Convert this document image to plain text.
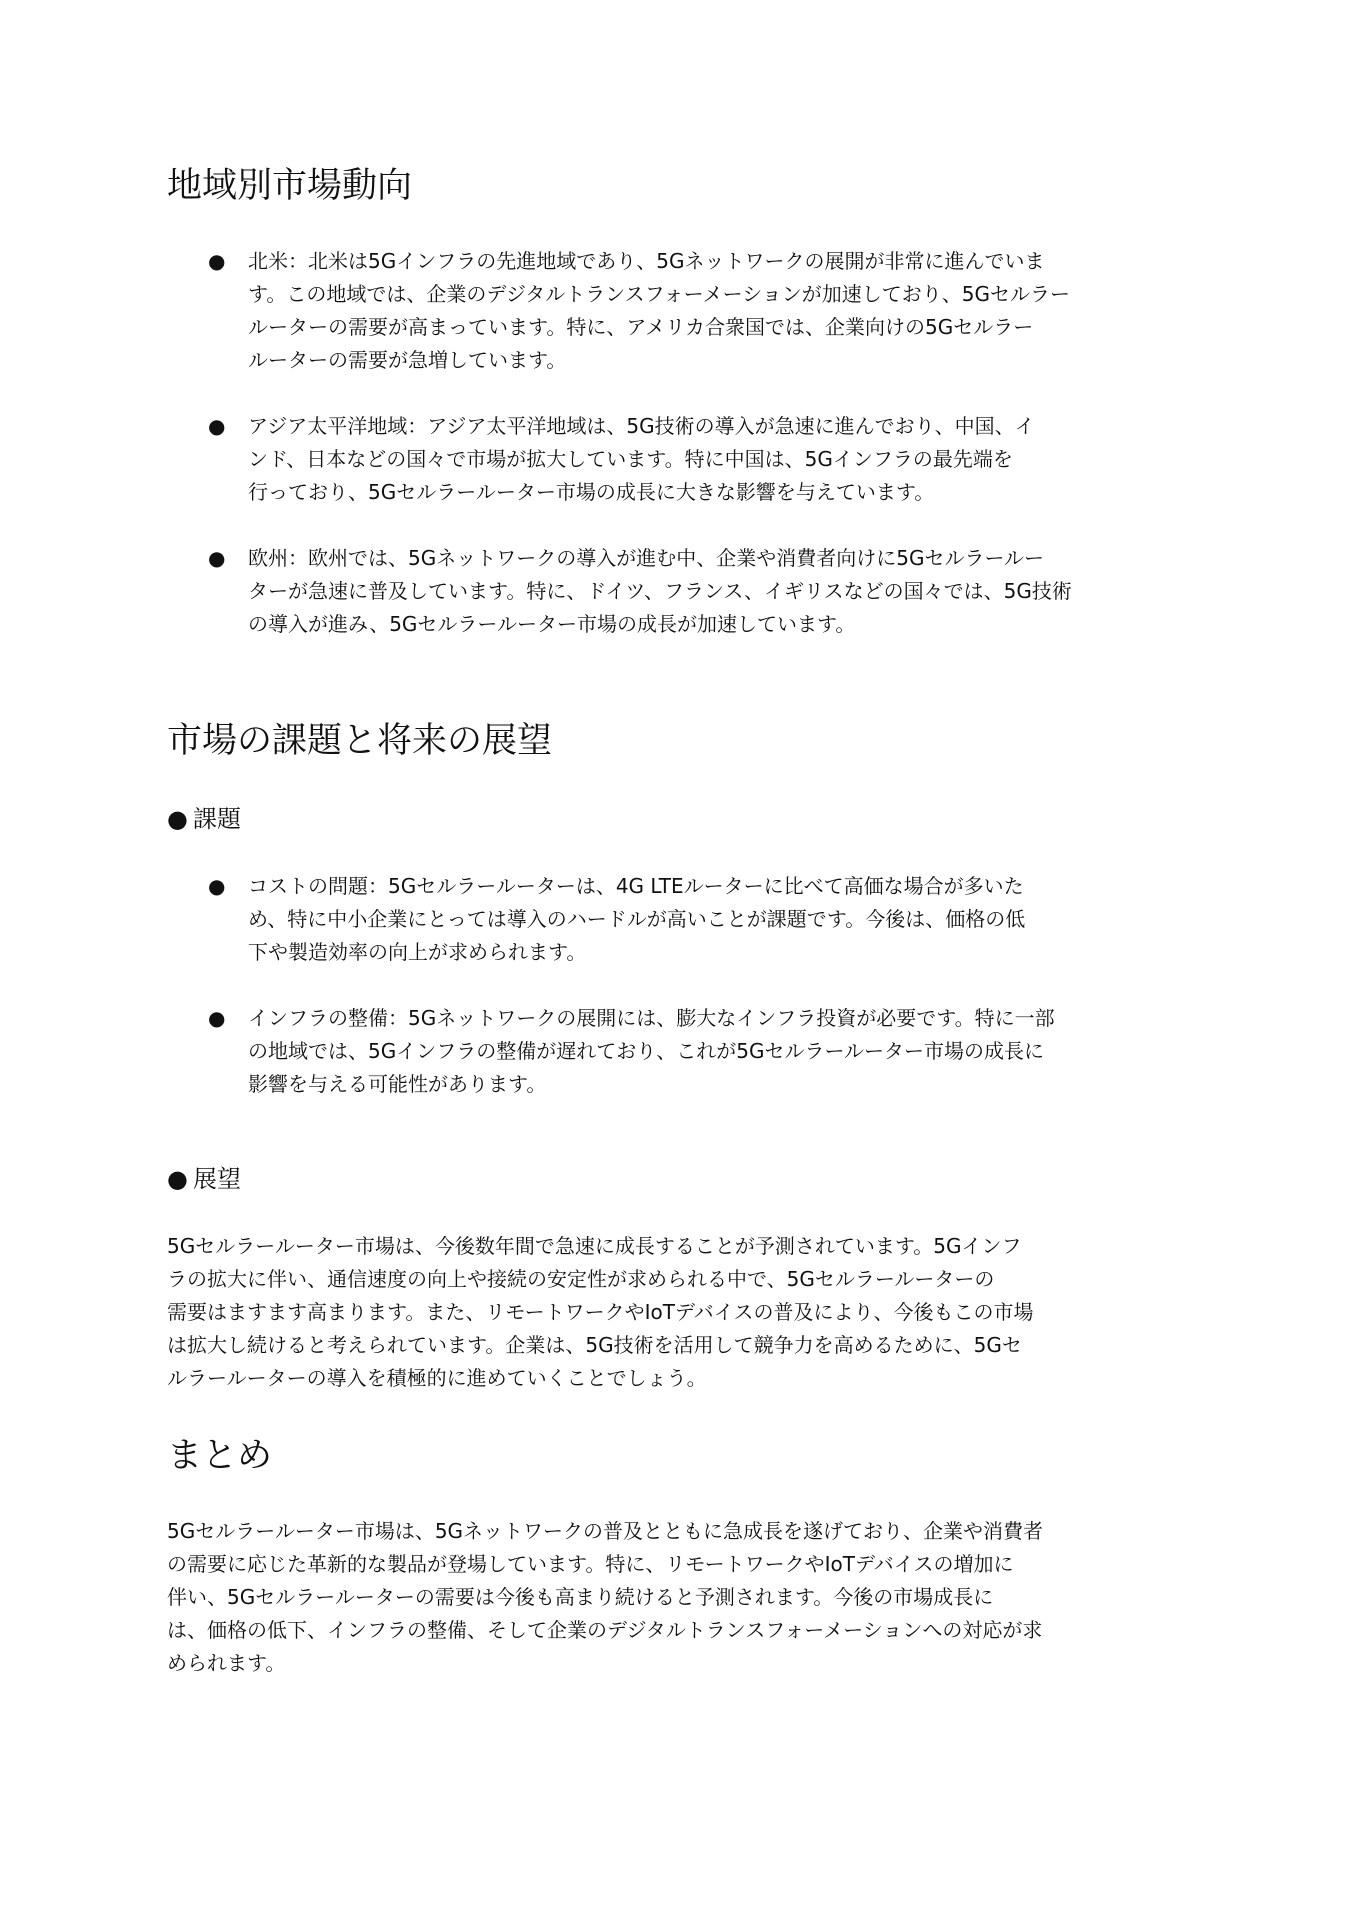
地域別市場動向
● 北米：北米は5Gインフラの先進地域であり、5Gネットワークの展開が非常に進んでいま
す。この地域では、企業のデジタルトランスフォーメーションが加速しており、5Gセルラー
ルーターの需要が高まっています。特に、アメリカ合衆国では、企業向けの5Gセルラー
ルーターの需要が急増しています。
● アジア太平洋地域：アジア太平洋地域は、5G技術の導入が急速に進んでおり、中国、イ
ンド、日本などの国々で市場が拡大しています。特に中国は、5Gインフラの最先端を
行っており、5Gセルラールーター市場の成長に大きな影響を与えています。
● 欧州：欧州では、5Gネットワークの導入が進む中、企業や消費者向けに5Gセルラールー
ターが急速に普及しています。特に、ドイツ、フランス、イギリスなどの国々では、5G技術
の導入が進み、5Gセルラールーター市場の成長が加速しています。
市場の課題と将来の展望
● 課題
● コストの問題：5Gセルラールーターは、4G LTEルーターに比べて高価な場合が多いた
め、特に中小企業にとっては導入のハードルが高いことが課題です。今後は、価格の低
下や製造効率の向上が求められます。
● インフラの整備：5Gネットワークの展開には、膨大なインフラ投資が必要です。特に一部
の地域では、5Gインフラの整備が遅れており、これが5Gセルラールーター市場の成長に
影響を与える可能性があります。
● 展望
5Gセルラールーター市場は、今後数年間で急速に成長することが予測されています。5Gインフ
ラの拡大に伴い、通信速度の向上や接続の安定性が求められる中で、5Gセルラールーターの
需要はますます高まります。また、リモートワークやIoTデバイスの普及により、今後もこの市場
は拡大し続けると考えられています。企業は、5G技術を活用して競争力を高めるために、5Gセ
ルラールーターの導入を積極的に進めていくことでしょう。
まとめ
5Gセルラールーター市場は、5Gネットワークの普及とともに急成長を遂げており、企業や消費者
の需要に応じた革新的な製品が登場しています。特に、リモートワークやIoTデバイスの増加に
伴い、5Gセルラールーターの需要は今後も高まり続けると予測されます。今後の市場成長に
は、価格の低下、インフラの整備、そして企業のデジタルトランスフォーメーションへの対応が求
められます。
